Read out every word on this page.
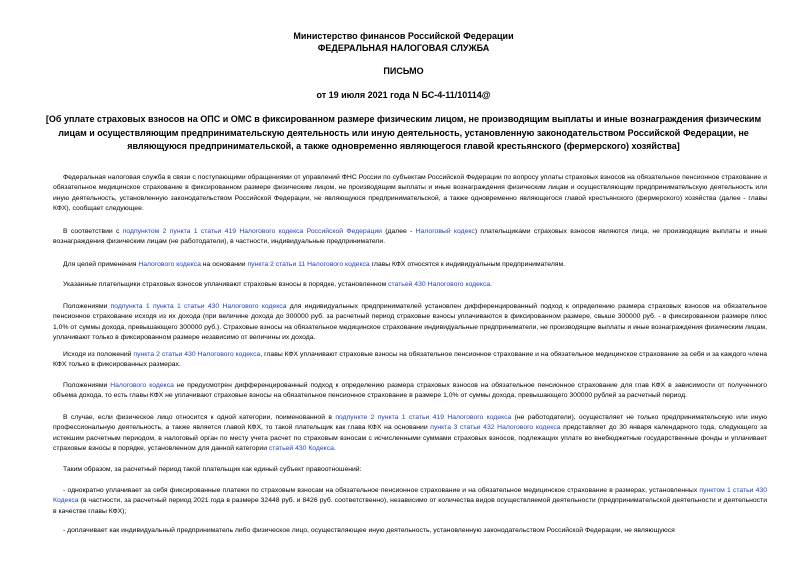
Министерство финансов Российской Федерации
ФЕДЕРАЛЬНАЯ НАЛОГОВАЯ СЛУЖБА
ПИСЬМО
от 19 июля 2021 года N БС-4-11/10114@
[Об уплате страховых взносов на ОПС и ОМС в фиксированном размере физическим лицом, не производящим выплаты и иные вознаграждения физическим лицам и осуществляющим предпринимательскую деятельность или иную деятельность, установленную законодательством Российской Федерации, не являющуюся предпринимательской, а также одновременно являющегося главой крестьянского (фермерского) хозяйства]

Федеральная налоговая служба в связи с поступающими обращениями от управлений ФНС России по субъектам Российской Федерации по вопросу уплаты страховых взносов на обязательное пенсионное страхование и обязательное медицинское страхование в фиксированном размере физическим лицом, не производящим выплаты и иные вознаграждения физическим лицам и осуществляющим предпринимательскую деятельность или иную деятельность, установленную законодательством Российской Федерации, не являющуюся предпринимательской, а также одновременно являющегося главой крестьянского (фермерского) хозяйства (далее - главы КФХ), сообщает следующее.

В соответствии с подпунктом 2 пункта 1 статьи 419 Налогового кодекса Российской Федерации (далее - Налоговый кодекс) плательщиками страховых взносов являются лица, не производящие выплаты и иные вознаграждения физическим лицам (не работодатели), в частности, индивидуальные предприниматели.

Для целей применения Налогового кодекса на основании пункта 2 статьи 11 Налогового кодекса главы КФХ относятся к индивидуальным предпринимателям.

Указанные плательщики страховых взносов уплачивают страховые взносы в порядке, установленном статьей 430 Налогового кодекса.

Положениями подпункта 1 пункта 1 статьи 430 Налогового кодекса для индивидуальных предпринимателей установлен дифференцированный подход к определению размера страховых взносов на обязательное пенсионное страхование исходя из их дохода (при величине дохода до 300000 руб. за расчетный период страховые взносы уплачиваются в фиксированном размере, свыше 300000 руб. - в фиксированном размере плюс 1,0% от суммы дохода, превышающего 300000 руб.). Страховые взносы на обязательное медицинское страхование индивидуальные предприниматели, не производящие выплаты и иные вознаграждения физическим лицам, уплачивают только в фиксированном размере независимо от величины их дохода.

Исходя из положений пункта 2 статьи 430 Налогового кодекса, главы КФХ уплачивают страховые взносы на обязательное пенсионное страхование и на обязательное медицинское страхование за себя и за каждого члена КФХ только в фиксированных размерах.

Положениями Налогового кодекса не предусмотрен дифференцированный подход к определению размера страховых взносов на обязательное пенсионное страхование для глав КФХ в зависимости от полученного объема дохода, то есть главы КФХ не уплачивают страховые взносы на обязательное пенсионное страхование в размере 1,0% от суммы дохода, превышающего 300000 рублей за расчетный период.

В случае, если физическое лицо относится к одной категории, поименованной в подпункте 2 пункта 1 статьи 419 Налогового кодекса (не работодатели), осуществляет не только предпринимательскую или иную профессиональную деятельность, а также является главой КФХ, то такой плательщик как глава КФХ на основании пункта 3 статьи 432 Налогового кодекса представляет до 30 января календарного года, следующего за истекшим расчетным периодом, в налоговый орган по месту учета расчет по страховым взносам с исчисленными суммами страховых взносов, подлежащих уплате во внебюджетные государственные фонды и уплачивает страховые взносы в порядке, установленном для данной категории статьей 430 Кодекса.

Таким образом, за расчетный период такой плательщик как единый субъект правоотношений:

- однократно уплачивает за себя фиксированные платежи по страховым взносам на обязательное пенсионное страхование и на обязательное медицинское страхование в размерах, установленных пунктом 1 статьи 430 Кодекса (в частности, за расчетный период 2021 года в размере 32448 руб. и 8426 руб. соответственно), независимо от количества видов осуществляемой деятельности (предпринимательской деятельности и деятельности в качестве главы КФХ);

- доплачивает как индивидуальный предприниматель либо физическое лицо, осуществляющее иную деятельность, установленную законодательством Российской Федерации, не являющуюся
